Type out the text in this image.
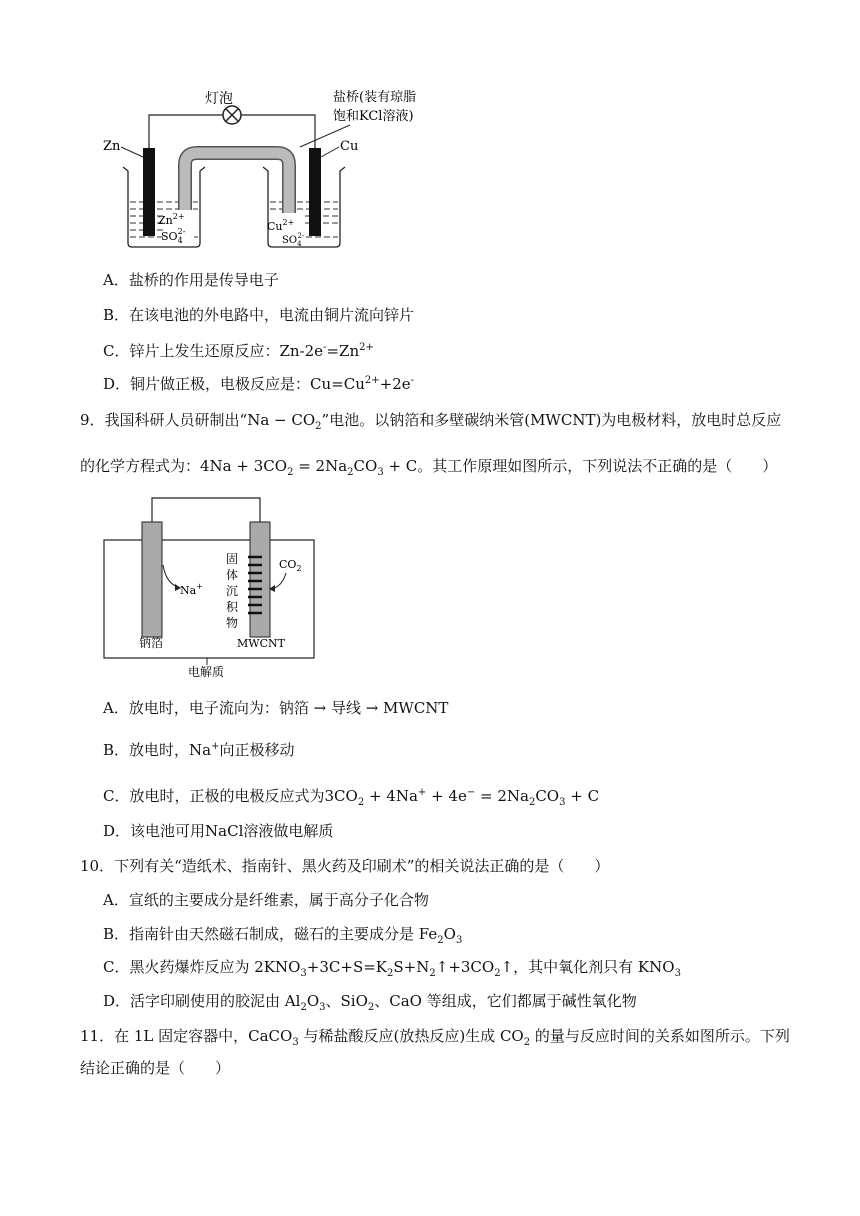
灯泡	盐桥(装有琼脂
饱和KCl溶液)
Zn	Cu
$Zn^{2+}$
$SO_42-$	$Cu^{2+}$
$SO_42-$
A．盐桥的作用是传导电子
B．在该电池的外电路中，电流由铜片流向锌片
C．锌片上发生还原反应：$Zn-2e^-=Zn^{2+}$
D．铜片做正极，电极反应是：$Cu=Cu^{2+}+2e^-$
9．我国科研人员研制出“$Na - CO_2$”电池。以钠箔和多壁碳纳米管(MWCNT)为电极材料，放电时总反应
的化学方程式为：$4Na + 3CO_2 = 2Na_2CO_3 + C$。其工作原理如图所示，下列说法不正确的是（　　）
固体沉积物
$CO_2$
Na+
钠箔	MWCNT
电解质
A．放电时，电子流向为：钠箔 → 导线 → MWCNT
B．放电时，Na+向正极移动
C．放电时，正极的电极反应式为$3CO_2 + 4Na^+ + 4e^- = 2Na_2CO_3 + C$
D．该电池可用NaCl溶液做电解质
10．下列有关“造纸术、指南针、黑火药及印刷术”的相关说法正确的是（　　）
A．宣纸的主要成分是纤维素，属于高分子化合物
B．指南针由天然磁石制成，磁石的主要成分是 $Fe_2O_3$
C．黑火药爆炸反应为 $2KNO_3+3C+S=K_2S+N_2↑+3CO_2↑$，其中氧化剂只有 $KNO_3$
D．活字印刷使用的胶泥由 $Al_2O_3$、SiO$_2$、CaO 等组成，它们都属于碱性氧化物
11．在 1L 固定容器中，CaCO$_3$ 与稀盐酸反应(放热反应)生成 $CO_2$ 的量与反应时间的关系如图所示。下列
结论正确的是（　　）
